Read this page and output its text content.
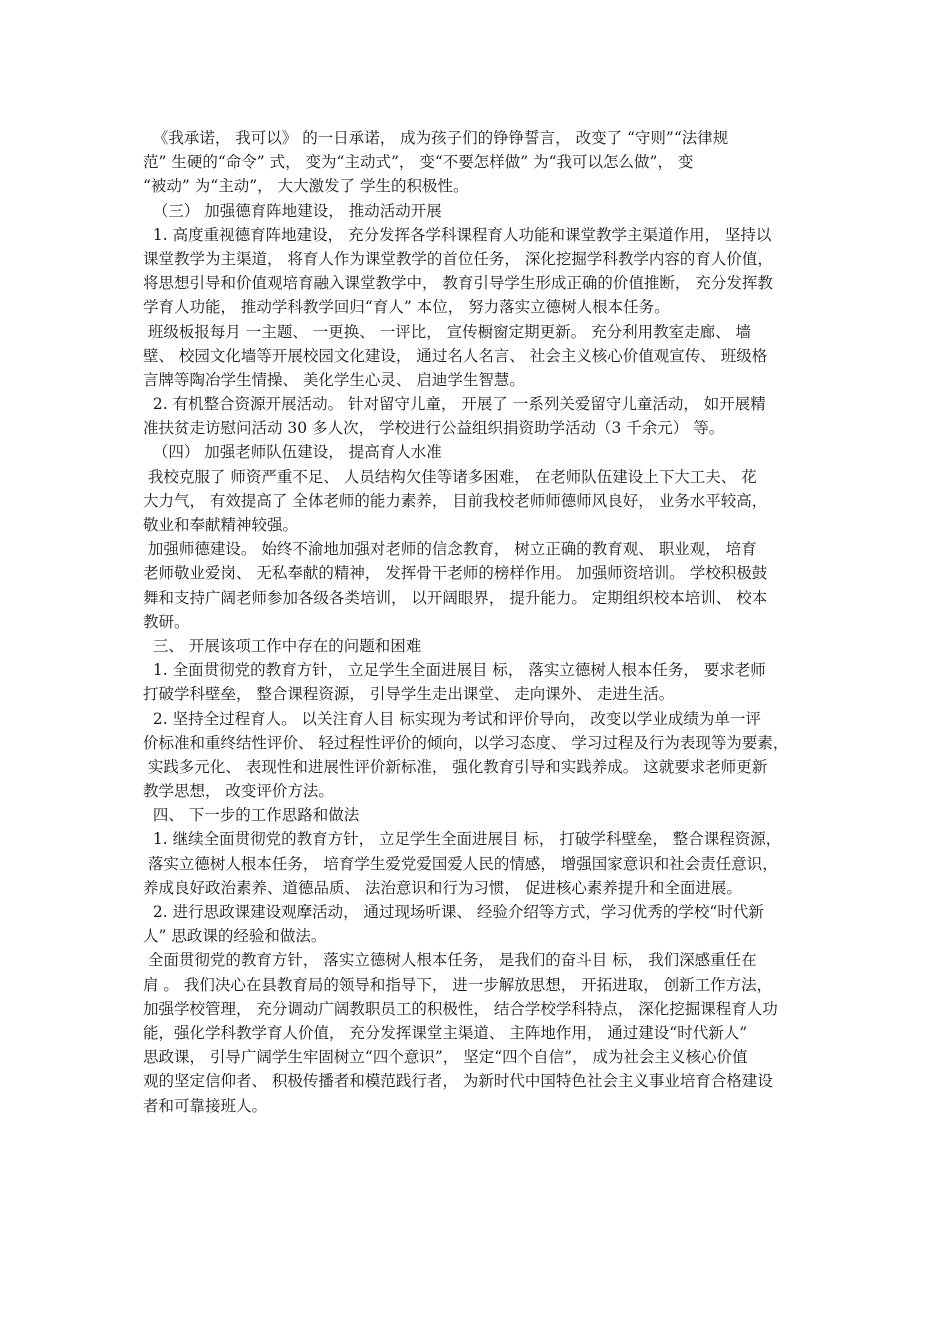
《我承诺， 我可以》 的一日承诺， 成为孩子们的铮铮誓言， 改变了 “守则”“法律规
范” 生硬的“命令” 式， 变为“主动式”， 变“不要怎样做” 为“我可以怎么做”， 变
“被动” 为“主动”， 大大激发了 学生的积极性。
（三） 加强德育阵地建设， 推动活动开展
1. 高度重视德育阵地建设， 充分发挥各学科课程育人功能和课堂教学主渠道作用， 坚持以
课堂教学为主渠道， 将育人作为课堂教学的首位任务， 深化挖掘学科教学内容的育人价值，
将思想引导和价值观培育融入课堂教学中， 教育引导学生形成正确的价值推断， 充分发挥教
学育人功能， 推动学科教学回归“育人” 本位， 努力落实立德树人根本任务。
班级板报每月 一主题、 一更换、 一评比， 宣传橱窗定期更新。 充分利用教室走廊、 墙
壁、 校园文化墙等开展校园文化建设， 通过名人名言、 社会主义核心价值观宣传、 班级格
言牌等陶冶学生情操、 美化学生心灵、 启迪学生智慧。
2. 有机整合资源开展活动。 针对留守儿童， 开展了 一系列关爱留守儿童活动， 如开展精
准扶贫走访慰问活动 30 多人次， 学校进行公益组织捐资助学活动（3 千余元） 等。
（四） 加强老师队伍建设， 提高育人水准
我校克服了 师资严重不足、 人员结构欠佳等诸多困难， 在老师队伍建设上下大工夫、 花
大力气， 有效提高了 全体老师的能力素养， 目前我校老师师德师风良好， 业务水平较高，
敬业和奉献精神较强。
加强师德建设。 始终不渝地加强对老师的信念教育， 树立正确的教育观、 职业观， 培育
老师敬业爱岗、 无私奉献的精神， 发挥骨干老师的榜样作用。 加强师资培训。 学校积极鼓
舞和支持广阔老师参加各级各类培训， 以开阔眼界， 提升能力。 定期组织校本培训、 校本
教研。
三、 开展该项工作中存在的问题和困难
1. 全面贯彻党的教育方针， 立足学生全面进展目 标， 落实立德树人根本任务， 要求老师
打破学科壁垒， 整合课程资源， 引导学生走出课堂、 走向课外、 走进生活。
2. 坚持全过程育人。 以关注育人目 标实现为考试和评价导向， 改变以学业成绩为单一评
价标准和重终结性评价、 轻过程性评价的倾向，以学习态度、 学习过程及行为表现等为要素，
实践多元化、 表现性和进展性评价新标准， 强化教育引导和实践养成。 这就要求老师更新
教学思想， 改变评价方法。
四、 下一步的工作思路和做法
1. 继续全面贯彻党的教育方针， 立足学生全面进展目 标， 打破学科壁垒， 整合课程资源，
落实立德树人根本任务， 培育学生爱党爱国爱人民的情感， 增强国家意识和社会责任意识，
养成良好政治素养、道德品质、 法治意识和行为习惯， 促进核心素养提升和全面进展。
2. 进行思政课建设观摩活动， 通过现场听课、 经验介绍等方式，学习优秀的学校“时代新
人” 思政课的经验和做法。
全面贯彻党的教育方针， 落实立德树人根本任务， 是我们的奋斗目 标， 我们深感重任在
肩 。 我们决心在县教育局的领导和指导下， 进一步解放思想， 开拓进取， 创新工作方法，
加强学校管理， 充分调动广阔教职员工的积极性， 结合学校学科特点， 深化挖掘课程育人功
能，强化学科教学育人价值， 充分发挥课堂主渠道、 主阵地作用， 通过建设“时代新人”
思政课， 引导广阔学生牢固树立“四个意识”， 坚定“四个自信”， 成为社会主义核心价值
观的坚定信仰者、 积极传播者和模范践行者， 为新时代中国特色社会主义事业培育合格建设
者和可靠接班人。
